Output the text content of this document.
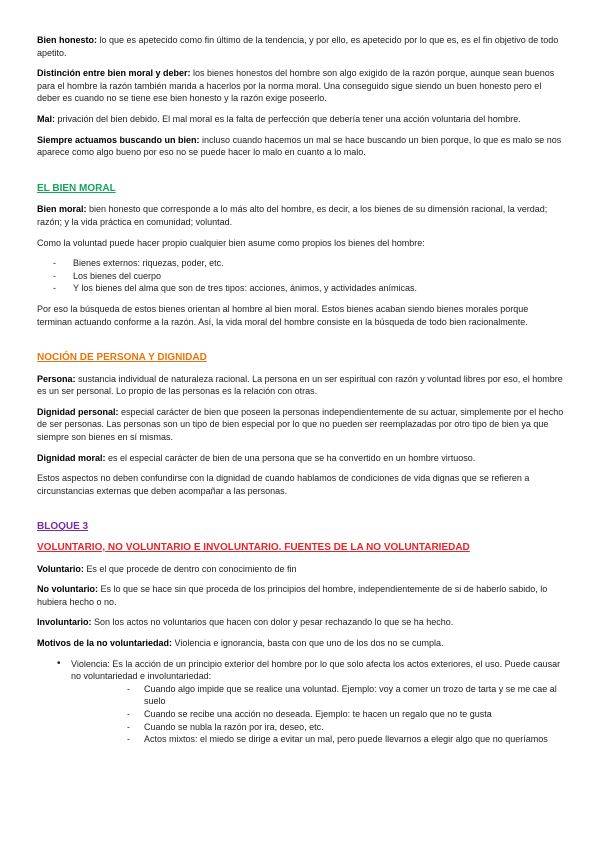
Bien honesto: lo que es apetecido como fin último de la tendencia, y por ello, es apetecido por lo que es, es el fin objetivo de todo apetito.

Distinción entre bien moral y deber: los bienes honestos del hombre son algo exigido de la razón porque, aunque sean buenos para el hombre la razón también manda a hacerlos por la norma moral. Una conseguido sigue siendo un buen honesto pero el deber es cuando no se tiene ese bien honesto y la razón exige poseerlo.

Mal: privación del bien debido. El mal moral es la falta de perfección que debería tener una acción voluntaria del hombre.

Siempre actuamos buscando un bien: incluso cuando hacemos un mal se hace buscando un bien porque, lo que es malo se nos aparece como algo bueno por eso no se puede hacer lo malo en cuanto a lo malo.

EL BIEN MORAL

Bien moral: bien honesto que corresponde a lo más alto del hombre, es decir, a los bienes de su dimensión racional, la verdad; razón; y la vida práctica en comunidad; voluntad.

Como la voluntad puede hacer propio cualquier bien asume como propios los bienes del hombre:

- Bienes externos: riquezas, poder, etc.
- Los bienes del cuerpo
- Y los bienes del alma que son de tres tipos: acciones, ánimos, y actividades anímicas.

Por eso la búsqueda de estos bienes orientan al hombre al bien moral. Estos bienes acaban siendo bienes morales porque terminan actuando conforme a la razón. Así, la vida moral del hombre consiste en la búsqueda de todo bien racionalmente.

NOCIÓN DE PERSONA Y DIGNIDAD

Persona: sustancia individual de naturaleza racional. La persona en un ser espiritual con razón y voluntad libres por eso, el hombre es un ser personal. Lo propio de las personas es la relación con otras.

Dignidad personal: especial carácter de bien que poseen la personas independientemente de su actuar, simplemente por el hecho de ser personas. Las personas son un tipo de bien especial por lo que no pueden ser reemplazadas por otro tipo de bien ya que siempre son bienes en sí mismas.

Dignidad moral: es el especial carácter de bien de una persona que se ha convertido en un hombre virtuoso.

Estos aspectos no deben confundirse con la dignidad de cuando hablamos de condiciones de vida dignas que se refieren a circunstancias externas que deben acompañar a las personas.

BLOQUE 3
VOLUNTARIO, NO VOLUNTARIO E INVOLUNTARIO. FUENTES DE LA NO VOLUNTARIEDAD

Voluntario: Es el que procede de dentro con conocimiento de fin

No voluntario: Es lo que se hace sin que proceda de los principios del hombre, independientemente de si de haberlo sabido, lo hubiera hecho o no.

Involuntario: Son los actos no voluntarios que hacen con dolor y pesar rechazando lo que se ha hecho.

Motivos de la no voluntariedad: Violencia e ignorancia, basta con que uno de los dos no se cumpla.

• Violencia: Es la acción de un principio exterior del hombre por lo que solo afecta los actos exteriores, el uso. Puede causar no voluntariedad e involuntariedad:
- Cuando algo impide que se realice una voluntad. Ejemplo: voy a comer un trozo de tarta y se me cae al suelo
- Cuando se recibe una acción no deseada. Ejemplo: te hacen un regalo que no te gusta
- Cuando se nubla la razón por ira, deseo, etc.
- Actos mixtos: el miedo se dirige a evitar un mal, pero puede llevarnos a elegir algo que no queríamos
